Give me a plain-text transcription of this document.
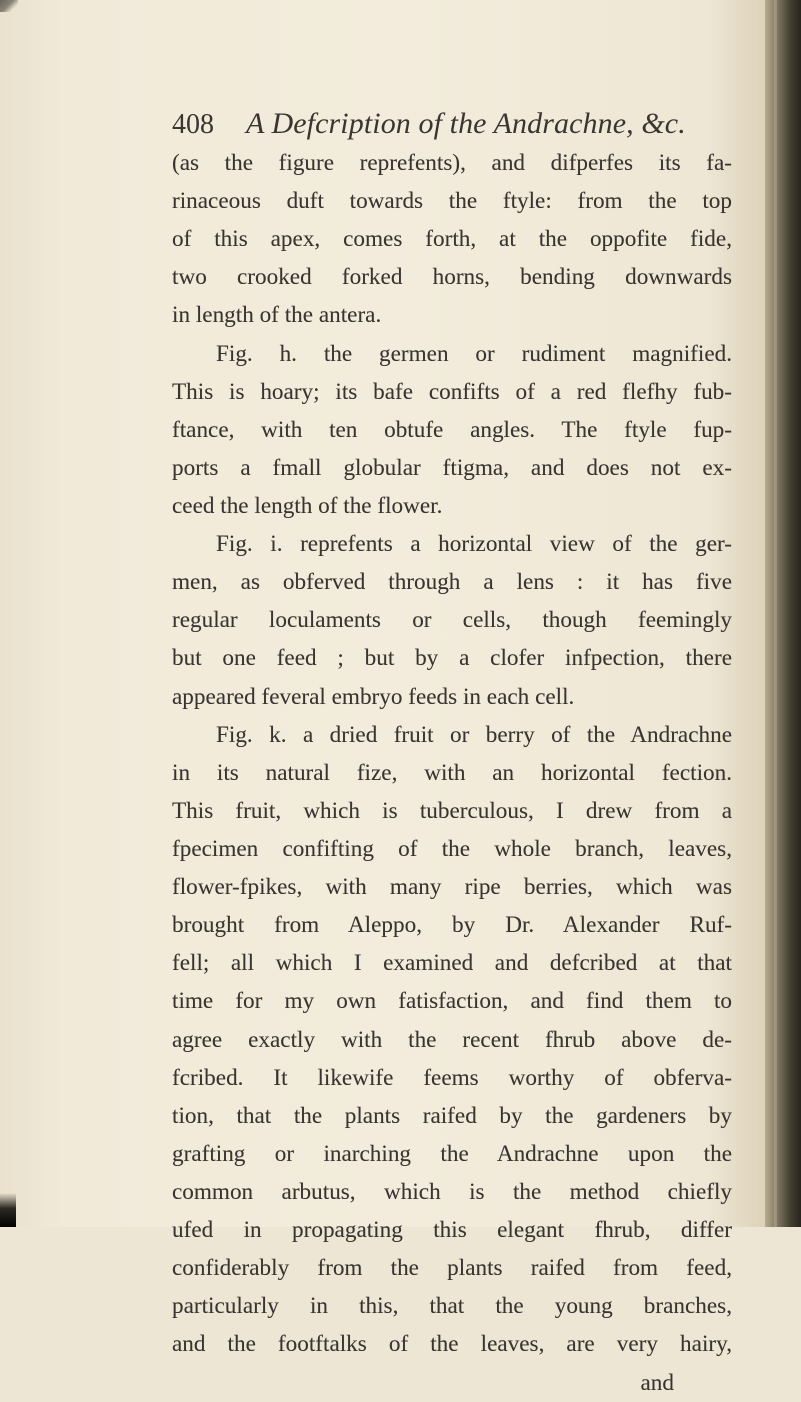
408 A Defcription of the Andrachne, &c.
(as the figure reprefents), and difperfes its fa-
rinaceous duft towards the ftyle: from the top
of this apex, comes forth, at the oppofite fide,
two crooked forked horns, bending downwards
in length of the antera.
Fig. h. the germen or rudiment magnified.
This is hoary; its bafe confifts of a red flefhy fub-
ftance, with ten obtufe angles. The ftyle fup-
ports a fmall globular ftigma, and does not ex-
ceed the length of the flower.
Fig. i. reprefents a horizontal view of the ger-
men, as obferved through a lens : it has five
regular loculaments or cells, though feemingly
but one feed ; but by a clofer infpection, there
appeared feveral embryo feeds in each cell.
Fig. k. a dried fruit or berry of the Andrachne
in its natural fize, with an horizontal fection.
This fruit, which is tuberculous, I drew from a
fpecimen confifting of the whole branch, leaves,
flower-fpikes, with many ripe berries, which was
brought from Aleppo, by Dr. Alexander Ruf-
fell; all which I examined and defcribed at that
time for my own fatisfaction, and find them to
agree exactly with the recent fhrub above de-
fcribed. It likewife feems worthy of obferva-
tion, that the plants raifed by the gardeners by
grafting or inarching the Andrachne upon the
common arbutus, which is the method chiefly
ufed in propagating this elegant fhrub, differ
confiderably from the plants raifed from feed,
particularly in this, that the young branches,
and the footftalks of the leaves, are very hairy,
and
